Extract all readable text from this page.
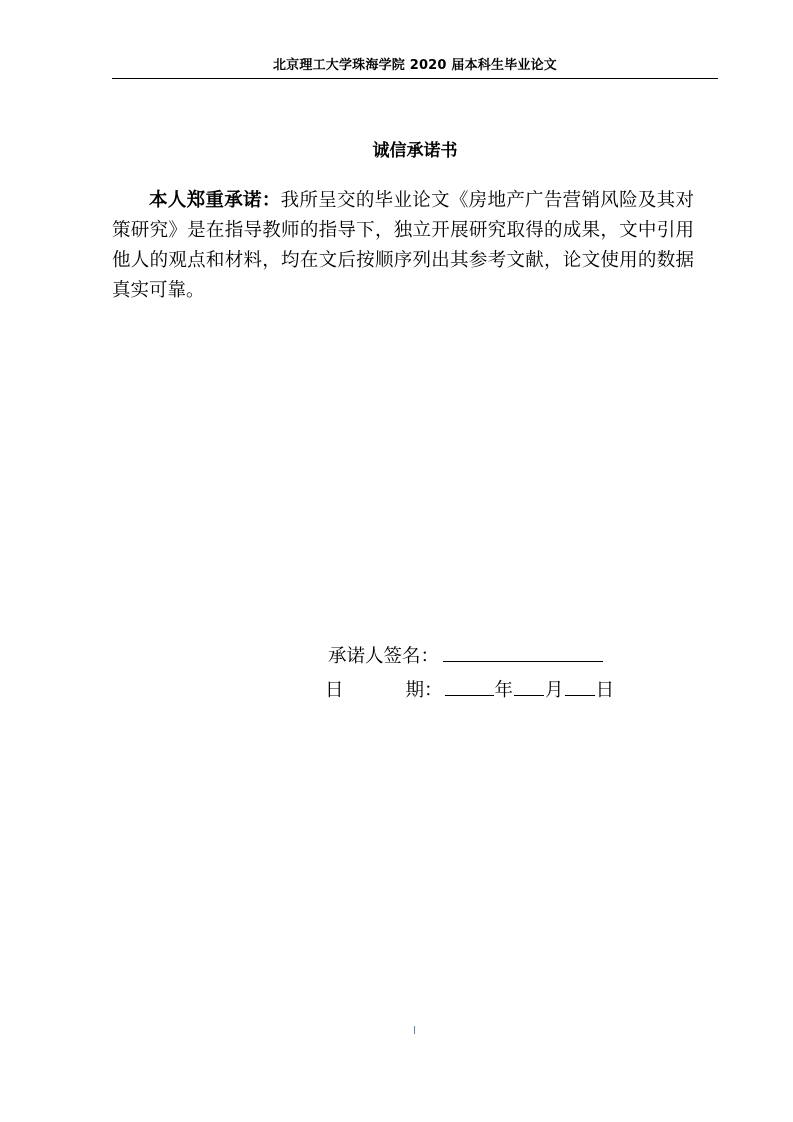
北京理工大学珠海学院 2020 届本科生毕业论文
诚信承诺书

本人郑重承诺：我所呈交的毕业论文《房地产广告营销风险及其对策研究》是在指导教师的指导下，独立开展研究取得的成果，文中引用他人的观点和材料，均在文后按顺序列出其参考文献，论文使用的数据真实可靠。

承诺人签名：
日	期：	年 月 日
